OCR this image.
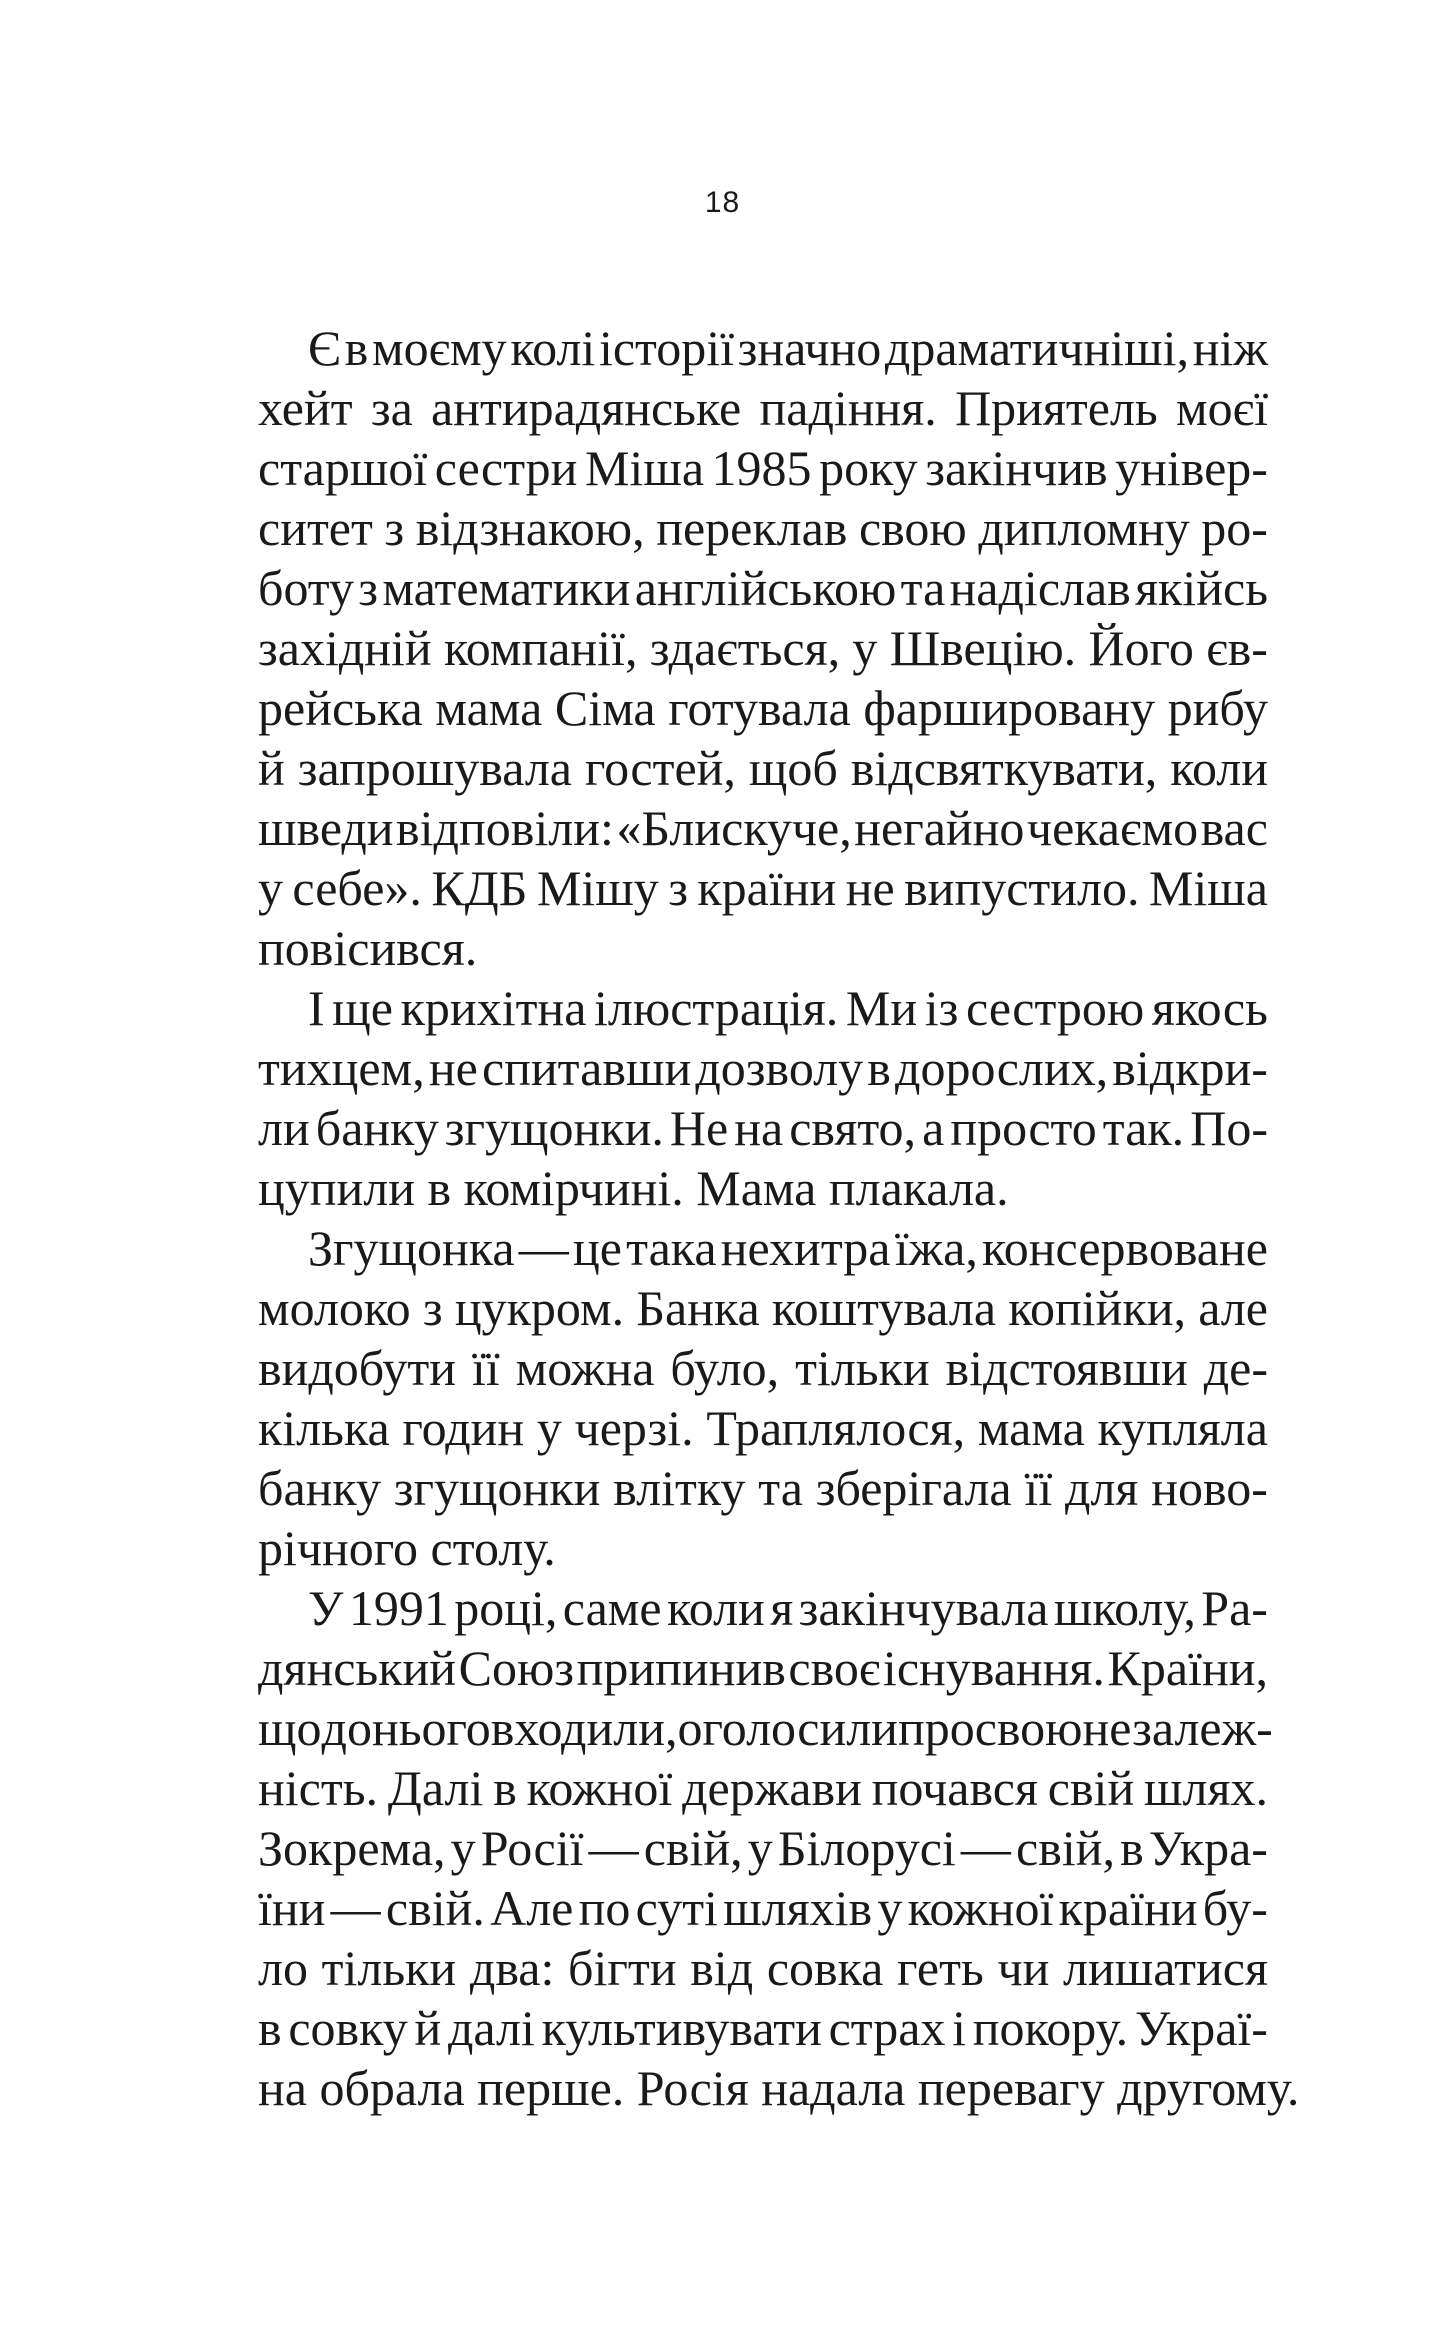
18
Є в моєму колі історії значно драматичніші, ніж
хейт за антирадянське падіння. Приятель моєї
старшої сестри Міша 1985 року закінчив універ-
ситет з відзнакою, переклав свою дипломну ро-
боту з математики англійською та надіслав якійсь
західній компанії, здається, у Швецію. Його єв-
рейська мама Сіма готувала фаршировану рибу
й запрошувала гостей, щоб відсвяткувати, коли
шведи відповіли: «Блискуче, негайно чекаємо вас
у себе». КДБ Мішу з країни не випустило. Міша
повісився.
І ще крихітна ілюстрація. Ми із сестрою якось
тихцем, не спитавши дозволу в дорослих, відкри-
ли банку згущонки. Не на свято, а просто так. По-
цупили в комірчині. Мама плакала.
Згущонка — це така нехитра їжа, консервоване
молоко з цукром. Банка коштувала копійки, але
видобути її можна було, тільки відстоявши де-
кілька годин у черзі. Траплялося, мама купляла
банку згущонки влітку та зберігала її для ново-
річного столу.
У 1991 році, саме коли я закінчувала школу, Ра-
дянський Союз припинив своє існування. Країни,
що до нього входили, оголосили про свою незалеж-
ність. Далі в кожної держави почався свій шлях.
Зокрема, у Росії — свій, у Білорусі — свій, в Укра-
їни — свій. Але по суті шляхів у кожної країни бу-
ло тільки два: бігти від совка геть чи лишатися
в совку й далі культивувати страх і покору. Украї-
на обрала перше. Росія надала перевагу другому.
